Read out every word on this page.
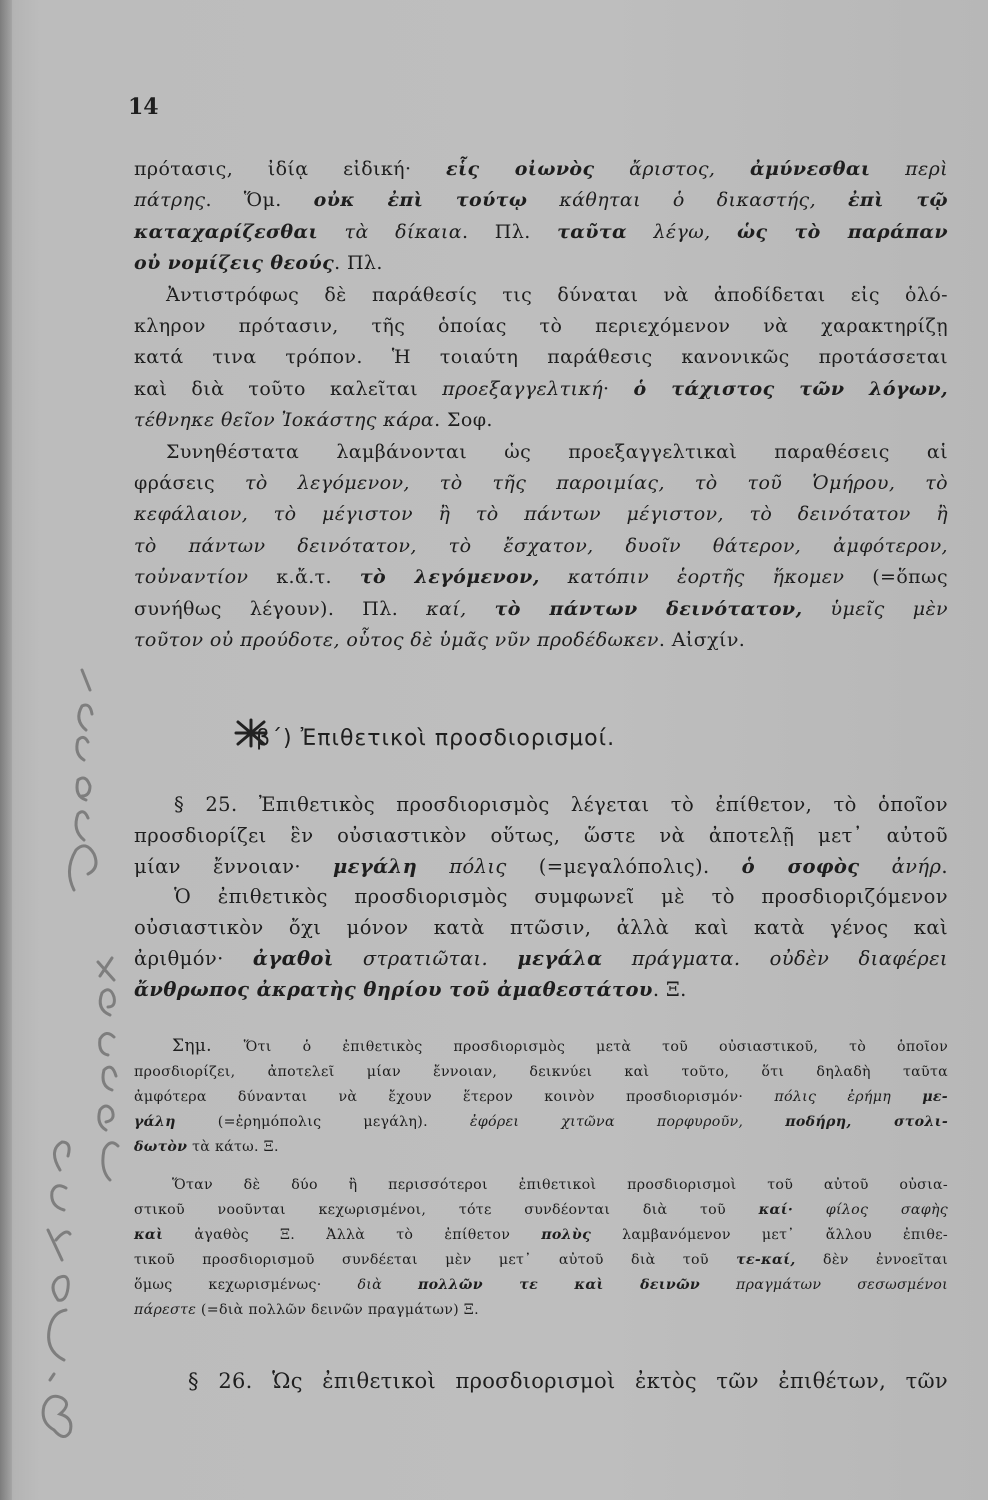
14
πρότασις, ἰδίᾳ εἰδική· εἷς οἰωνὸς ἄριστος, ἀμύνεσθαι περὶ
πάτρης. Ὅμ. οὐκ ἐπὶ τούτῳ κάθηται ὁ δικαστής, ἐπὶ τῷ
καταχαρίζεσθαι τὰ δίκαια. Πλ. ταῦτα λέγω, ὡς τὸ παράπαν
οὐ νομίζεις θεούς. Πλ.
Ἀντιστρόφως δὲ παράθεσίς τις δύναται νὰ ἀποδίδεται εἰς ὁλό-
κληρον πρότασιν, τῆς ὁποίας τὸ περιεχόμενον νὰ χαρακτηρίζῃ
κατά τινα τρόπον. Ἡ τοιαύτη παράθεσις κανονικῶς προτάσσεται
καὶ διὰ τοῦτο καλεῖται προεξαγγελτική· ὁ τάχιστος τῶν λόγων,
τέθνηκε θεῖον Ἰοκάστης κάρα. Σοφ.
Συνηθέστατα λαμβάνονται ὡς προεξαγγελτικαὶ παραθέσεις αἱ
φράσεις τὸ λεγόμενον, τὸ τῆς παροιμίας, τὸ τοῦ Ὁμήρου, τὸ
κεφάλαιον, τὸ μέγιστον ἢ τὸ πάντων μέγιστον, τὸ δεινότατον ἢ
τὸ πάντων δεινότατον, τὸ ἔσχατον, δυοῖν θάτερον, ἀμφότερον,
τοὐναντίον κ.ἄ.τ. τὸ λεγόμενον, κατόπιν ἑορτῆς ἥκομεν (=ὅπως
συνήθως λέγουν). Πλ. καί, τὸ πάντων δεινότατον, ὑμεῖς μὲν
τοῦτον οὐ προύδοτε, οὗτος δὲ ὑμᾶς νῦν προδέδωκεν. Αἰσχίν.
β΄) Ἐπιθετικοὶ προσδιορισμοί.
§ 25. Ἐπιθετικὸς προσδιορισμὸς λέγεται τὸ ἐπίθετον, τὸ ὁποῖον
προσδιορίζει ἓν οὐσιαστικὸν οὕτως, ὥστε νὰ ἀποτελῇ μετ᾽ αὐτοῦ
μίαν ἔννοιαν· μεγάλη πόλις (=μεγαλόπολις). ὁ σοφὸς ἀνήρ.
Ὁ ἐπιθετικὸς προσδιορισμὸς συμφωνεῖ μὲ τὸ προσδιοριζόμενον
οὐσιαστικὸν ὄχι μόνον κατὰ πτῶσιν, ἀλλὰ καὶ κατὰ γένος καὶ
ἀριθμόν· ἀγαθοὶ στρατιῶται. μεγάλα πράγματα. οὐδὲν διαφέρει
ἄνθρωπος ἀκρατὴς θηρίου τοῦ ἀμαθεστάτου. Ξ.
Σημ. Ὅτι ὁ ἐπιθετικὸς προσδιορισμὸς μετὰ τοῦ οὐσιαστικοῦ, τὸ ὁποῖον
προσδιορίζει, ἀποτελεῖ μίαν ἔννοιαν, δεικνύει καὶ τοῦτο, ὅτι δηλαδὴ ταῦτα
ἀμφότερα δύνανται νὰ ἔχουν ἕτερον κοινὸν προσδιορισμόν· πόλις ἐρήμη με-
γάλη (=ἐρημόπολις μεγάλη). ἐφόρει χιτῶνα πορφυροῦν, ποδήρη, στολι-
δωτὸν τὰ κάτω. Ξ.
Ὅταν δὲ δύο ἢ περισσότεροι ἐπιθετικοὶ προσδιορισμοὶ τοῦ αὐτοῦ οὐσια-
στικοῦ νοοῦνται κεχωρισμένοι, τότε συνδέονται διὰ τοῦ καί· φίλος σαφὴς
καὶ ἀγαθὸς Ξ. Ἀλλὰ τὸ ἐπίθετον πολὺς λαμβανόμενον μετ᾽ ἄλλου ἐπιθε-
τικοῦ προσδιορισμοῦ συνδέεται μὲν μετ᾽ αὐτοῦ διὰ τοῦ τε-καί, δὲν ἐννοεῖται
ὅμως κεχωρισμένως· διὰ πολλῶν τε καὶ δεινῶν πραγμάτων σεσωσμένοι
πάρεστε (=διὰ πολλῶν δεινῶν πραγμάτων) Ξ.
§ 26. Ὡς ἐπιθετικοὶ προσδιορισμοὶ ἐκτὸς τῶν ἐπιθέτων, τῶν
